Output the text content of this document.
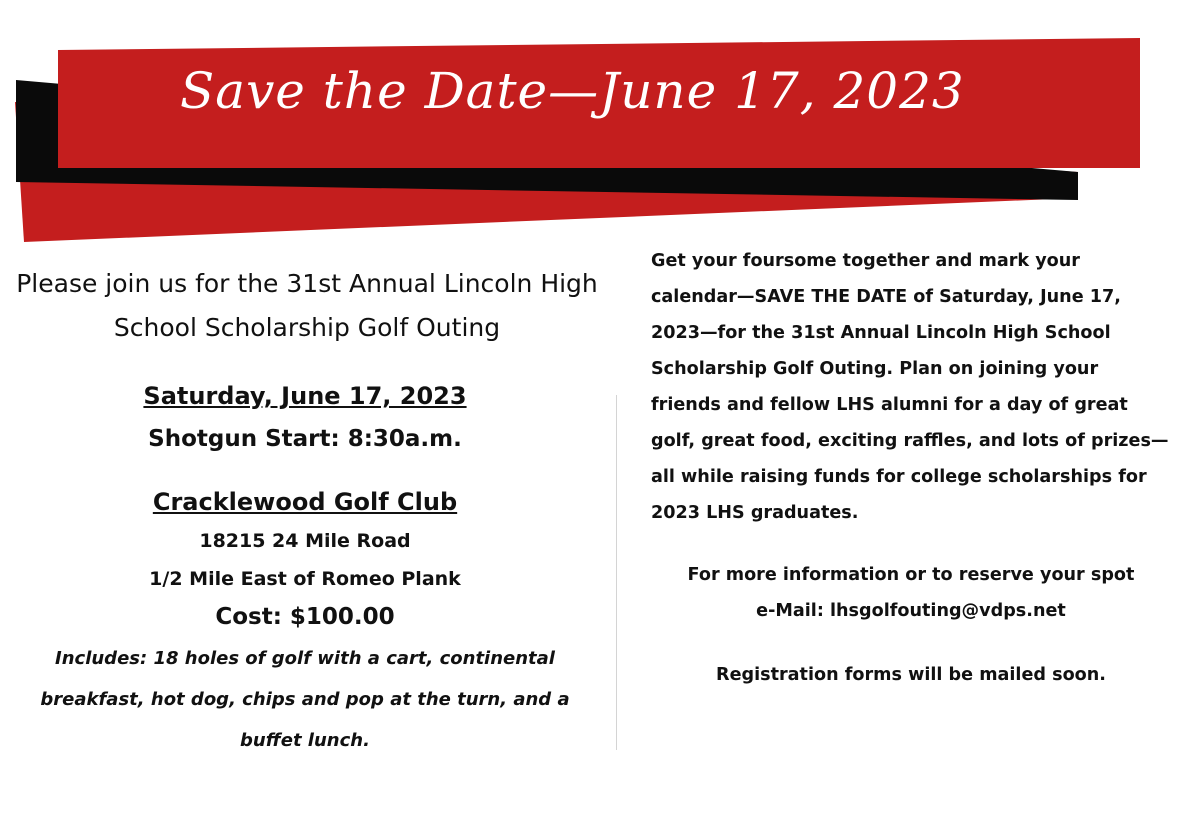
Save the Date—June 17, 2023

Please join us for the 31st Annual Lincoln High School Scholarship Golf Outing

Saturday, June 17, 2023
Shotgun Start: 8:30a.m.
Cracklewood Golf Club
18215 24 Mile Road
1/2 Mile East of Romeo Plank
Cost: $100.00
Includes: 18 holes of golf with a cart, continental breakfast, hot dog, chips and pop at the turn, and a buffet lunch.

Get your foursome together and mark your calendar—SAVE THE DATE of Saturday, June 17, 2023—for the 31st Annual Lincoln High School Scholarship Golf Outing. Plan on joining your friends and fellow LHS alumni for a day of great golf, great food, exciting raffles, and lots of prizes—all while raising funds for college scholarships for 2023 LHS graduates.

For more information or to reserve your spot
e-Mail: lhsgolfouting@vdps.net
Registration forms will be mailed soon.
